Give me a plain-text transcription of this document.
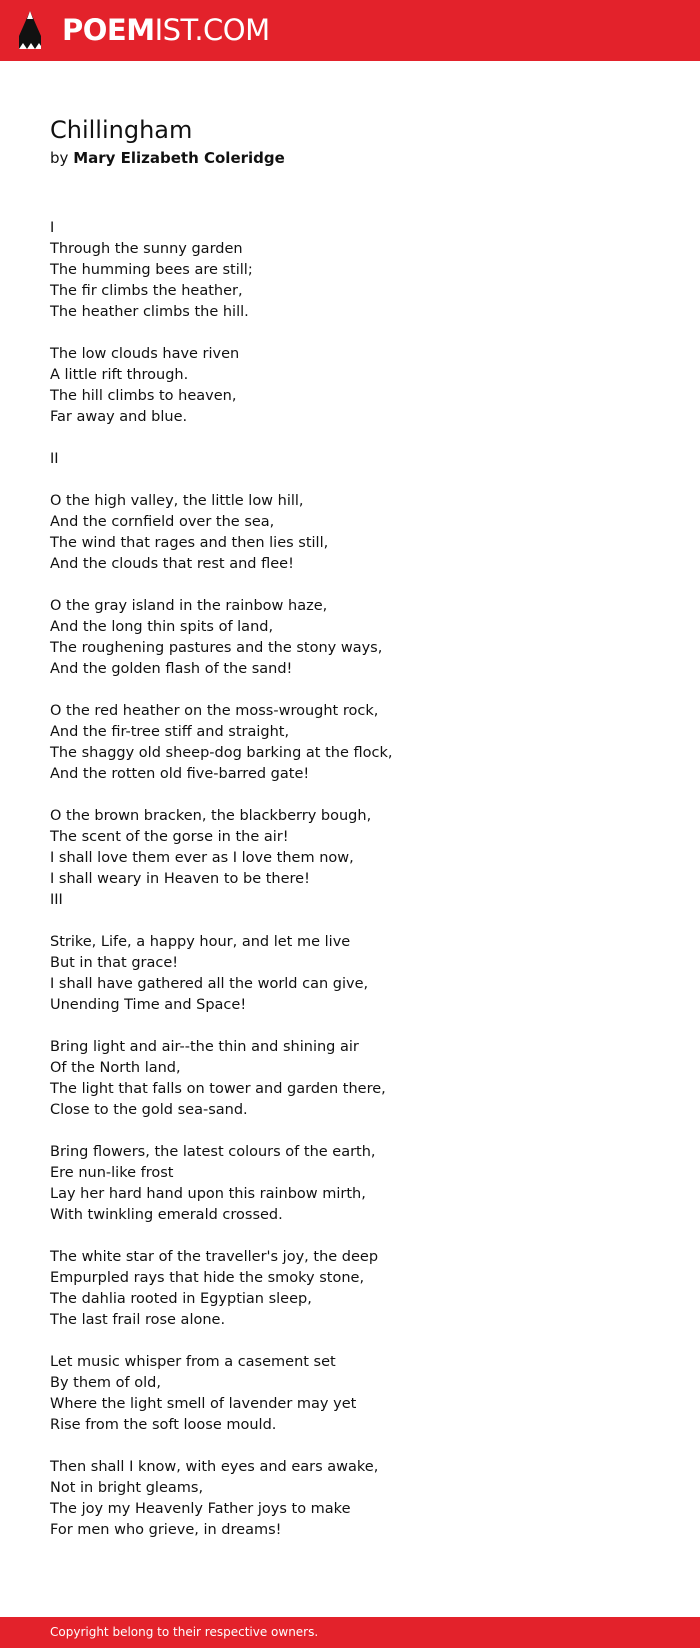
POEMIST.COM
Chillingham
by Mary Elizabeth Coleridge
I
Through the sunny garden
The humming bees are still;
The fir climbs the heather,
The heather climbs the hill.
The low clouds have riven
A little rift through.
The hill climbs to heaven,
Far away and blue.
II
O the high valley, the little low hill,
And the cornfield over the sea,
The wind that rages and then lies still,
And the clouds that rest and flee!
O the gray island in the rainbow haze,
And the long thin spits of land,
The roughening pastures and the stony ways,
And the golden flash of the sand!
O the red heather on the moss-wrought rock,
And the fir-tree stiff and straight,
The shaggy old sheep-dog barking at the flock,
And the rotten old five-barred gate!
O the brown bracken, the blackberry bough,
The scent of the gorse in the air!
I shall love them ever as I love them now,
I shall weary in Heaven to be there!
III
Strike, Life, a happy hour, and let me live
But in that grace!
I shall have gathered all the world can give,
Unending Time and Space!
Bring light and air--the thin and shining air
Of the North land,
The light that falls on tower and garden there,
Close to the gold sea-sand.
Bring flowers, the latest colours of the earth,
Ere nun-like frost
Lay her hard hand upon this rainbow mirth,
With twinkling emerald crossed.
The white star of the traveller's joy, the deep
Empurpled rays that hide the smoky stone,
The dahlia rooted in Egyptian sleep,
The last frail rose alone.
Let music whisper from a casement set
By them of old,
Where the light smell of lavender may yet
Rise from the soft loose mould.
Then shall I know, with eyes and ears awake,
Not in bright gleams,
The joy my Heavenly Father joys to make
For men who grieve, in dreams!
Copyright belong to their respective owners.
